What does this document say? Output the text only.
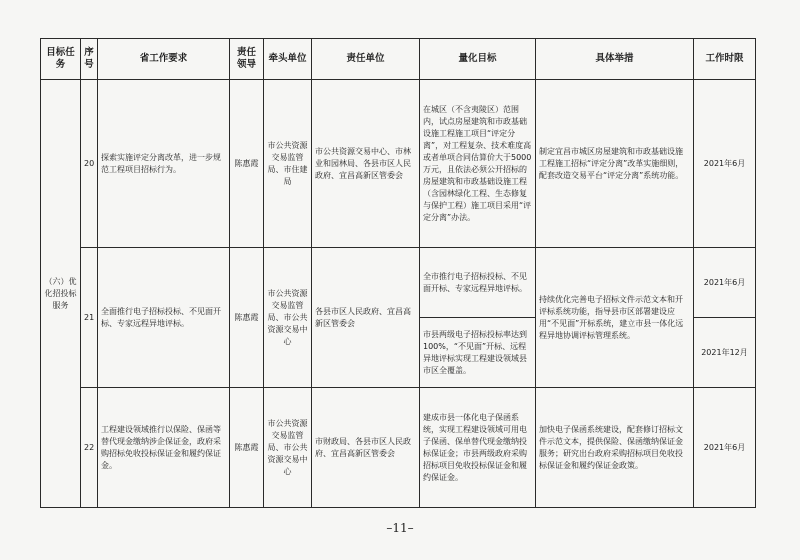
目标任务	序号	省工作要求	责任领导	牵头单位	责任单位	量化目标	具体举措	工作时限
（六）优化招投标服务	20	探索实施评定分离改革，进一步规范工程项目招标行为。	陈惠霞	市公共资源交易监管局、市住建局	市公共资源交易中心、市林业和园林局、各县市区人民政府、宜昌高新区管委会	在城区（不含夷陵区）范围内，试点房屋建筑和市政基础设施工程施工项目“评定分离”，对工程复杂、技术难度高或者单项合同估算价大于5000万元，且依法必须公开招标的房屋建筑和市政基础设施工程（含园林绿化工程、生态修复与保护工程）施工项目采用“评定分离”办法。	制定宜昌市城区房屋建筑和市政基础设施工程施工招标“评定分离”改革实施细则，配套改造交易平台“评定分离”系统功能。	2021年6月
	21	全面推行电子招标投标、不见面开标、专家远程异地评标。	陈惠霞	市公共资源交易监管局、市公共资源交易中心	各县市区人民政府、宜昌高新区管委会	全市推行电子招标投标、不见面开标、专家远程异地评标。	持续优化完善电子招标文件示范文本和开评标系统功能，指导县市区部署建设应用“不见面”开标系统，建立市县一体化远程异地协调评标管理系统。	2021年6月
						市县两级电子招标投标率达到100%，“不见面”开标、远程异地评标实现工程建设领域县市区全覆盖。		2021年12月
	22	工程建设领域推行以保险、保函等替代现金缴纳涉企保证金，政府采购招标免收投标保证金和履约保证金。	陈惠霞	市公共资源交易监管局、市公共资源交易中心	市财政局、各县市区人民政府、宜昌高新区管委会	建成市县一体化电子保函系统，实现工程建设领域可用电子保函、保单替代现金缴纳投标保证金；市县两级政府采购招标项目免收投标保证金和履约保证金。	加快电子保函系统建设，配套修订招标文件示范文本，提供保险、保函缴纳保证金服务；研究出台政府采购招标项目免收投标保证金和履约保证金政策。	2021年6月
–11–
